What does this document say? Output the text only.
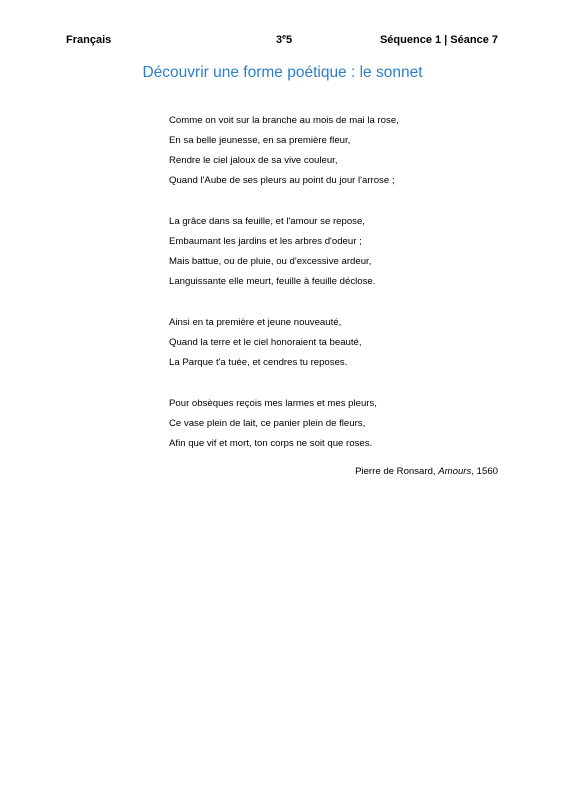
Français	3e5	Séquence 1 | Séance 7
Découvrir une forme poétique : le sonnet
Comme on voit sur la branche au mois de mai la rose,
En sa belle jeunesse, en sa première fleur,
Rendre le ciel jaloux de sa vive couleur,
Quand l'Aube de ses pleurs au point du jour l'arrose ;
La grâce dans sa feuille, et l'amour se repose,
Embaumant les jardins et les arbres d'odeur ;
Mais battue, ou de pluie, ou d'excessive ardeur,
Languissante elle meurt, feuille à feuille déclose.
Ainsi en ta première et jeune nouveauté,
Quand la terre et le ciel honoraient ta beauté,
La Parque t'a tuée, et cendres tu reposes.
Pour obsèques reçois mes larmes et mes pleurs,
Ce vase plein de lait, ce panier plein de fleurs,
Afin que vif et mort, ton corps ne soit que roses.
Pierre de Ronsard, Amours, 1560
